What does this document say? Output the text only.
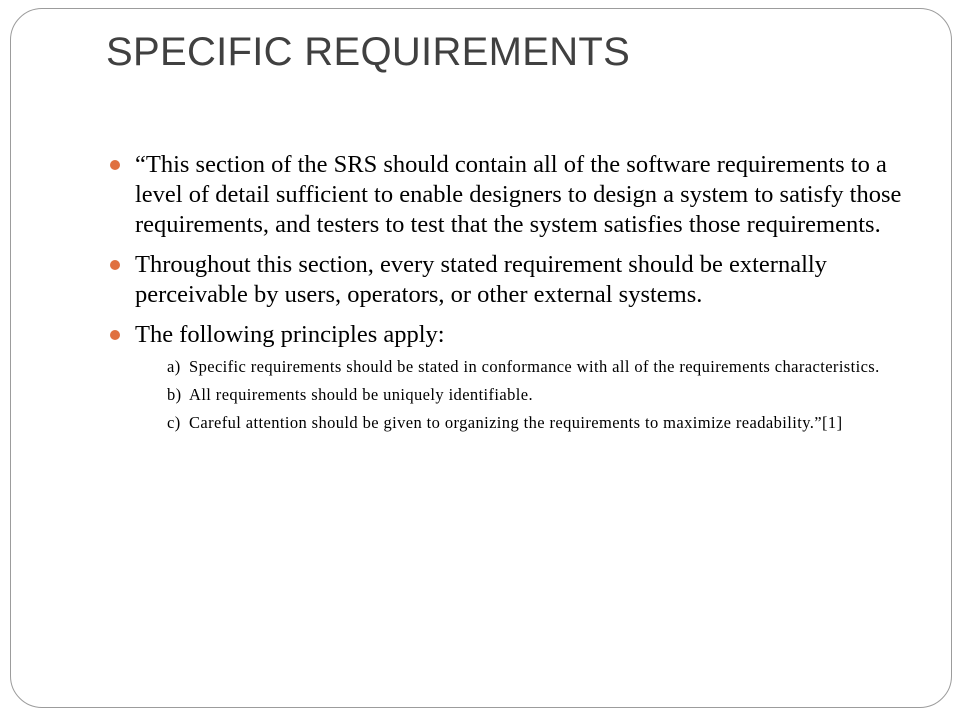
SPECIFIC REQUIREMENTS
“This section of the SRS should contain all of the software requirements to a level of detail sufficient to enable designers to design a system to satisfy those requirements, and testers to test that the system satisfies those requirements.
Throughout this section, every stated requirement should be externally perceivable by users, operators, or other external systems.
The following principles apply:
a) Specific requirements should be stated in conformance with all of the requirements characteristics.
b) All requirements should be uniquely identifiable.
c) Careful attention should be given to organizing the requirements to maximize readability.”[1]
